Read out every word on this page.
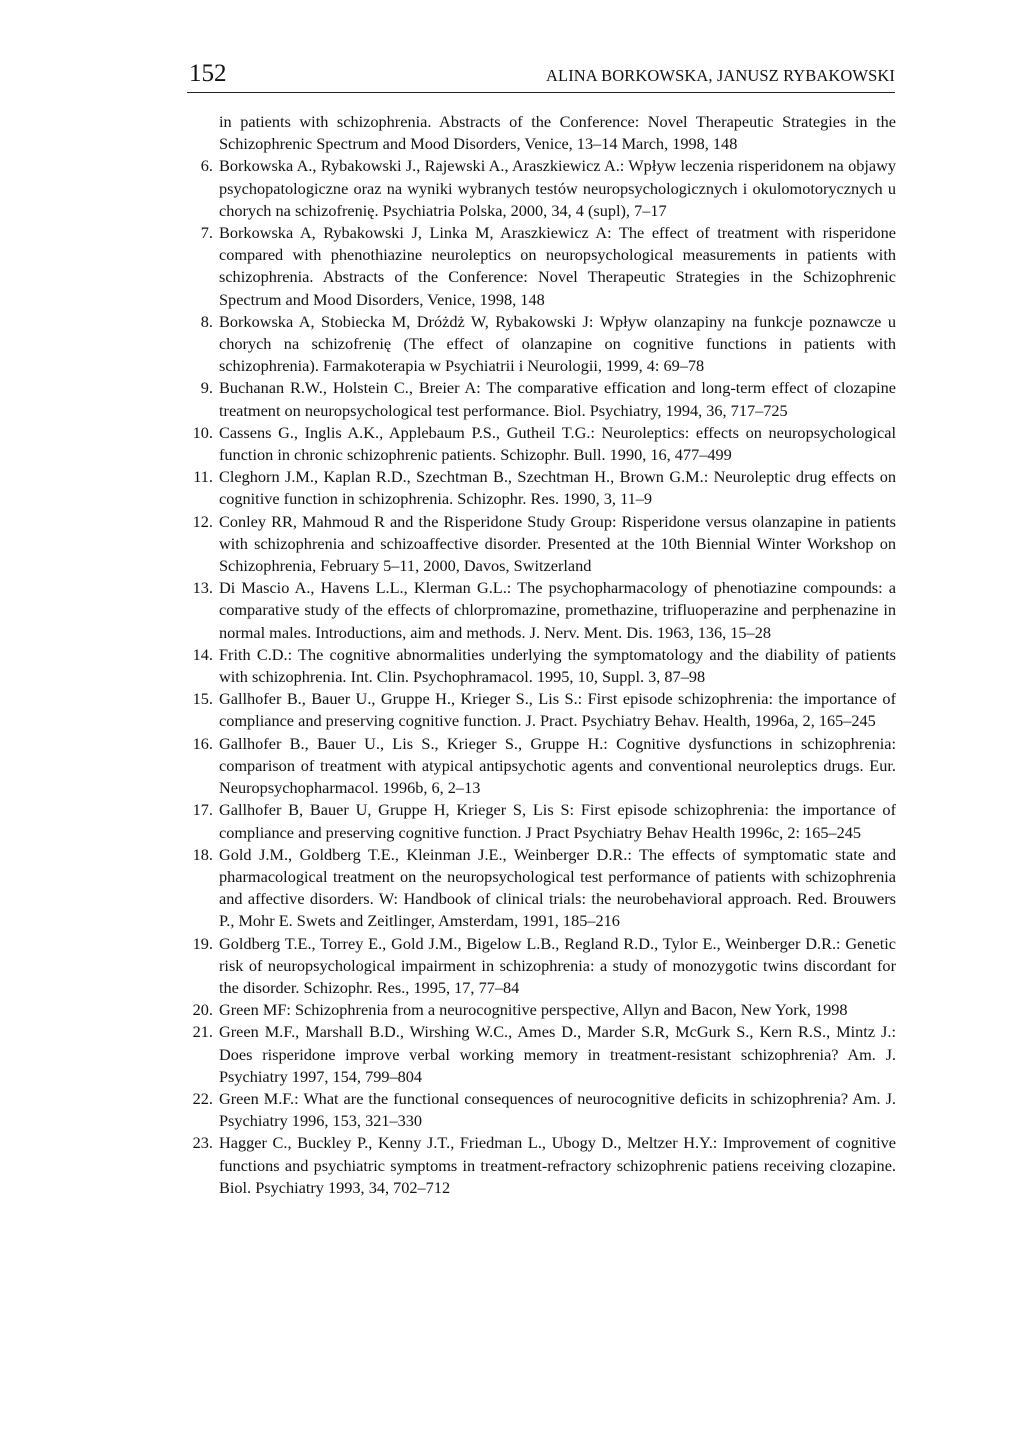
152	ALINA BORKOWSKA, JANUSZ RYBAKOWSKI
in patients with schizophrenia. Abstracts of the Conference: Novel Therapeutic Strategies in the Schizophrenic Spectrum and Mood Disorders, Venice, 13–14 March, 1998, 148
6. Borkowska A., Rybakowski J., Rajewski A., Araszkiewicz A.: Wpływ leczenia risperidonem na objawy psychopatologiczne oraz na wyniki wybranych testów neuropsychologicznych i okulomotorycznych u chorych na schizofrenię. Psychiatria Polska, 2000, 34, 4 (supl), 7–17
7. Borkowska A, Rybakowski J, Linka M, Araszkiewicz A: The effect of treatment with risperidone compared with phenothiazine neuroleptics on neuropsychological measurements in patients with schizophrenia. Abstracts of the Conference: Novel Therapeutic Strategies in the Schizophrenic Spectrum and Mood Disorders, Venice, 1998, 148
8. Borkowska A, Stobiecka M, Dróżdż W, Rybakowski J: Wpływ olanzapiny na funkcje poznawcze u chorych na schizofrenię (The effect of olanzapine on cognitive functions in patients with schizophrenia). Farmakoterapia w Psychiatrii i Neurologii, 1999, 4: 69–78
9. Buchanan R.W., Holstein C., Breier A: The comparative effication and long-term effect of clozapine treatment on neuropsychological test performance. Biol. Psychiatry, 1994, 36, 717–725
10. Cassens G., Inglis A.K., Applebaum P.S., Gutheil T.G.: Neuroleptics: effects on neuropsychological function in chronic schizophrenic patients. Schizophr. Bull. 1990, 16, 477–499
11. Cleghorn J.M., Kaplan R.D., Szechtman B., Szechtman H., Brown G.M.: Neuroleptic drug effects on cognitive function in schizophrenia. Schizophr. Res. 1990, 3, 11–9
12. Conley RR, Mahmoud R and the Risperidone Study Group: Risperidone versus olanzapine in patients with schizophrenia and schizoaffective disorder. Presented at the 10th Biennial Winter Workshop on Schizophrenia, February 5–11, 2000, Davos, Switzerland
13. Di Mascio A., Havens L.L., Klerman G.L.: The psychopharmacology of phenotiazine compounds: a comparative study of the effects of chlorpromazine, promethazine, trifluoperazine and perphenazine in normal males. Introductions, aim and methods. J. Nerv. Ment. Dis. 1963, 136, 15–28
14. Frith C.D.: The cognitive abnormalities underlying the symptomatology and the diability of patients with schizophrenia. Int. Clin. Psychophramacol. 1995, 10, Suppl. 3, 87–98
15. Gallhofer B., Bauer U., Gruppe H., Krieger S., Lis S.: First episode schizophrenia: the importance of compliance and preserving cognitive function. J. Pract. Psychiatry Behav. Health, 1996a, 2, 165–245
16. Gallhofer B., Bauer U., Lis S., Krieger S., Gruppe H.: Cognitive dysfunctions in schizophrenia: comparison of treatment with atypical antipsychotic agents and conventional neuroleptics drugs. Eur. Neuropsychopharmacol. 1996b, 6, 2–13
17. Gallhofer B, Bauer U, Gruppe H, Krieger S, Lis S: First episode schizophrenia: the importance of compliance and preserving cognitive function. J Pract Psychiatry Behav Health 1996c, 2: 165–245
18. Gold J.M., Goldberg T.E., Kleinman J.E., Weinberger D.R.: The effects of symptomatic state and pharmacological treatment on the neuropsychological test performance of patients with schizophrenia and affective disorders. W: Handbook of clinical trials: the neurobehavioral approach. Red. Brouwers P., Mohr E. Swets and Zeitlinger, Amsterdam, 1991, 185–216
19. Goldberg T.E., Torrey E., Gold J.M., Bigelow L.B., Regland R.D., Tylor E., Weinberger D.R.: Genetic risk of neuropsychological impairment in schizophrenia: a study of monozygotic twins discordant for the disorder. Schizophr. Res., 1995, 17, 77–84
20. Green MF: Schizophrenia from a neurocognitive perspective, Allyn and Bacon, New York, 1998
21. Green M.F., Marshall B.D., Wirshing W.C., Ames D., Marder S.R, McGurk S., Kern R.S., Mintz J.: Does risperidone improve verbal working memory in treatment-resistant schizophrenia? Am. J. Psychiatry 1997, 154, 799–804
22. Green M.F.: What are the functional consequences of neurocognitive deficits in schizophrenia? Am. J. Psychiatry 1996, 153, 321–330
23. Hagger C., Buckley P., Kenny J.T., Friedman L., Ubogy D., Meltzer H.Y.: Improvement of cognitive functions and psychiatric symptoms in treatment-refractory schizophrenic patiens receiving clozapine. Biol. Psychiatry 1993, 34, 702–712
